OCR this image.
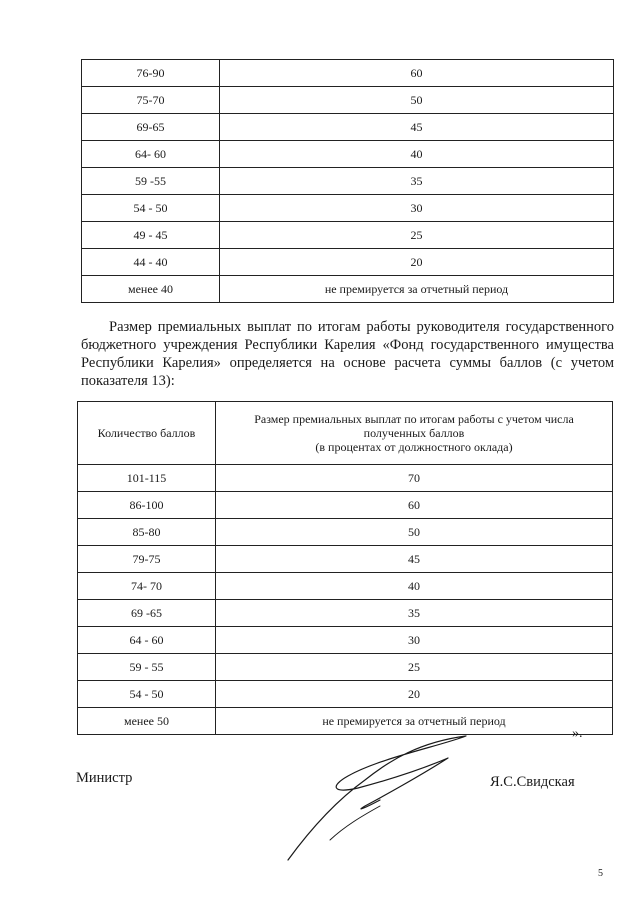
76-90	60
75-70	50
69-65	45
64- 60	40
59 -55	35
54 - 50	30
49 - 45	25
44 - 40	20
менее 40	не премируется за отчетный период

Размер премиальных выплат по итогам работы руководителя государственного бюджетного учреждения Республики Карелия «Фонд государственного имущества Республики Карелия» определяется на основе расчета суммы баллов (с учетом показателя 13):

Количество баллов	Размер премиальных выплат по итогам работы с учетом числа
полученных баллов
(в процентах от должностного оклада)

101-115	70
86-100	60
85-80	50
79-75	45
74- 70	40
69 -65	35
64 - 60	30
59 - 55	25
54 - 50	20
менее 50	не премируется за отчетный период
».
Министр	Я.С.Свидская
5
